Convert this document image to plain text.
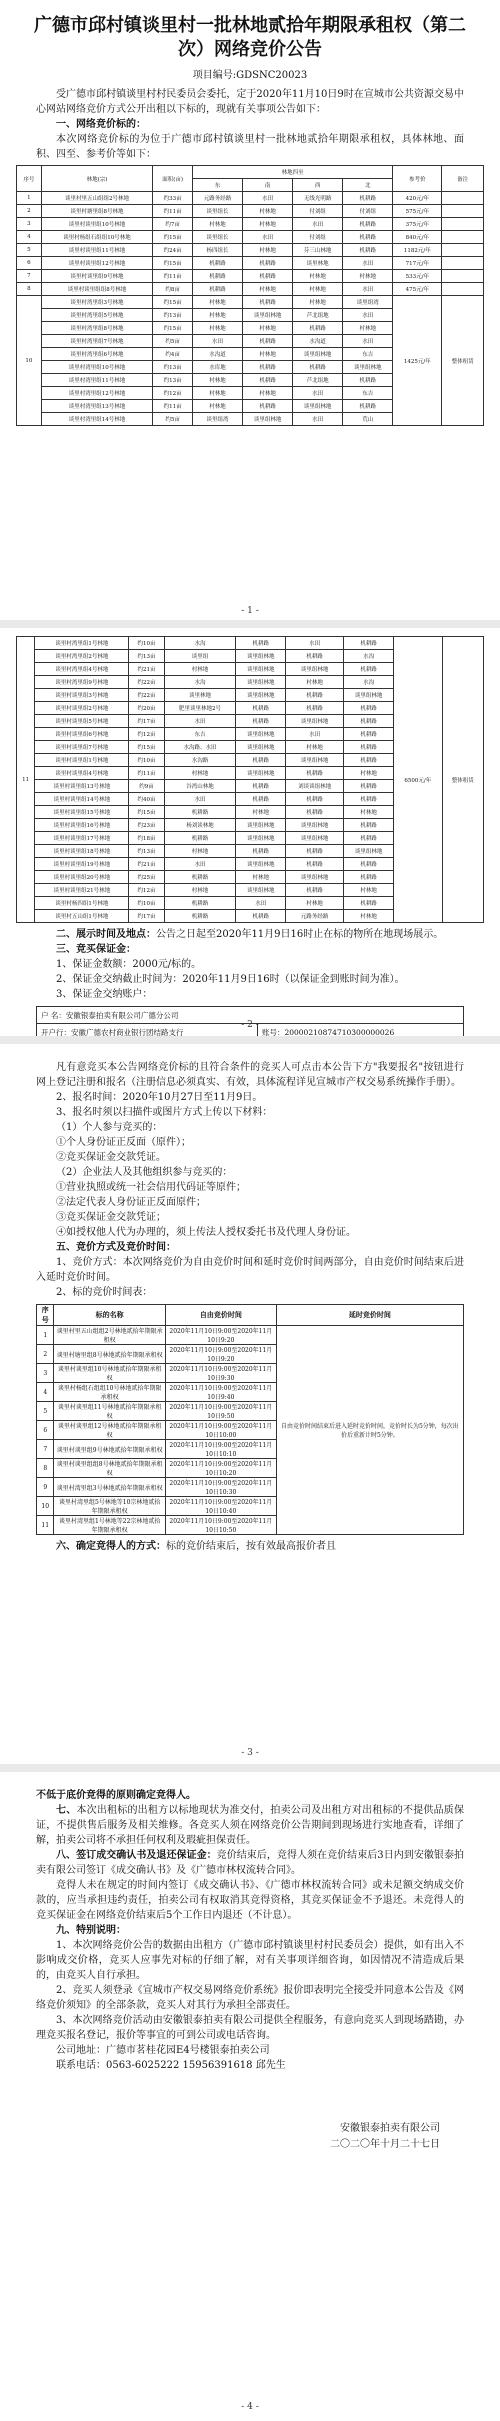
广德市邱村镇谈里村一批林地贰拾年期限承租权（第二次）网络竞价公告
项目编号:GDSNC20023
受广德市邱村镇谈里村村民委员会委托，定于2020年11月10日9时在宣城市公共资源交易中心网站网络竞价方式公开出租以下标的，现就有关事项公告如下：
一、网络竞价标的：
本次网络竞价标的为位于广德市邱村镇谈里村一批林地贰拾年期限承租权，具体林地、面积、四至、参考价等如下：
序号	林地(宗)	面积(亩)	林地四至				参考价	备注
			东	南	西	北		
1	谈里村里五山组组2号林地	约33亩	元路务经路	水田	无线光明路	机耕路	420元/年	
2	谈里村塘里组8号林地	约11亩	谈里组长	村林地	付刘组	付刘组	575元/年	
3	谈里村谈里组10号林地	约7亩	村林地	村林地	水田	机耕路	375元/年	
4	谈里村杨组石组组10号林地	约15亩	谈里组长	水田	付刘组	机耕路	840元/年	
5	谈里村谈里组11号林地	约24亩	杨四组长	村林地	芬三山林地	机耕路	1182元/年	
6	谈里村谈里组12号林地	约15亩	机耕路	机耕路	谈里林地	水田	717元/年	
7	谈里村谈里组9号林地	约11亩	机耕路	机耕路	村林地	村林地	533元/年	
8	谈里村谈里组组8号林地	约8亩	机耕路	村林地	村林地	水田	475元/年	
10	谈里村湾里组3号林地	约15亩	村林地	机耕路	村林地	谈里组湾	1425元/年	整体租赁
	谈里村湾里组5号林地	约13亩	村林地	谈里组林地	芦北组地	水田		
	谈里村湾里组8号林地	约15亩	村林地	村林地	机耕路	村林地		
	谈里村湾里组7号林地	约5亩	水田	机耕路	水沟道	水田		
	谈里村湾里组6号林地	约4亩	水沟道	村林地	谈里组林地	东吉		
	谈里村湾里组10号林地	约13亩	水库地	机耕路	机耕路	谈里组林地		
	谈里村湾里组11号林地	约13亩	村林地	机耕路	芦北组地	机耕路		
	谈里村湾里组12号林地	约12亩	村林地	村林地	水田	东吉		
	谈里村湾里组13号林地	约11亩	村林地	机耕路	谈里组林地	机耕路		
	谈里村湾里组14号林地	约5亩	谈里组湾	谈里组林地	水田	荒山		
- 1 -
11	谈里村湾里组1号林地	约10亩	水沟	机耕路	水田	机耕路	6500元/年	整体租赁
	谈里村湾里组2号林地	约13亩	谈里组	谈里组林地	机耕路	水沟		
	谈里村湾里组4号林地	约21亩	村林地	谈里组林地	谈里组林地	机耕路		
	谈里村湾里组9号林地	约22亩	水沟	谈里组林地	村林地	水沟		
	谈里村谈里组3号林地	约22亩	谈里林地	谈里组林地	机耕路	谈里组林地		
	谈里村谈里组2号林地	约20亩	肥里谈里林地2号	机耕路	机耕路	机耕路		
	谈里村谈里组5号林地	约17亩	水田	机耕路	谈里组林地	机耕路		
	谈里村谈里组6号林地	约12亩	东吉	谈里组林地	水田	机耕路		
	谈里村谈里组7号林地	约15亩	水沟路、水田	谈里组林地	村林地	机耕路		
	谈里村谈里组1号林地	约10亩	水沟路	机耕路	谈里组林地	机耕路		
	谈里村谈里组4号林地	约11亩	村林地	谈里组林地	机耕路	村林地		
	谈里村谈里组13号林地	约9亩	谷湾山林地	机耕路	刘谈谈组林地	机耕路		
	谈里村谈里组14号林地	约40亩	水田	机耕路	机耕路	机耕路		
	谈里村谈里组15号林地	约15亩	机耕路	村林地	机耕路	村林地		
	谈里村谈里组16号林地	约23亩	杨刘谈林地	谈里组林地	谈里组林地	机耕路		
	谈里村谈里组17号林地	约18亩	机耕路	谈里组林地	谈里组林地	机耕路		
	谈里村谈里组18号林地	约13亩	村林地	机耕路	机耕路	谈里组林地		
	谈里村谈里组19号林地	约21亩	水田	谈里组林地	机耕路	机耕路		
	谈里村谈里组20号林地	约25亩	机耕路	村林地	谈里组林地	机耕路		
	谈里村谈里组21号林地	约12亩	村林地	谈里组林地	机耕路	村林地		
	谈里村杨四组1号林地	约10亩	机耕路	水田	村林地	机耕路		
	谈里村五山组1号林地	约17亩	机耕路	机耕路	元路务经路	村林地		
二、展示时间及地点：公告之日起至2020年11月9日16时止在标的物所在地现场展示。
三、竞买保证金：
1、保证金数额：2000元/标的。
2、保证金交纳截止时间为：2020年11月9日16时（以保证金到账时间为准）。
3、保证金交纳账户：
户 名：安徽银泰拍卖有限公司广德分公司
开户行：安徽广德农村商业银行团结路支行	账号：20000210874710300000026
- 2 -
凡有意竞买本公告网络竞价标的且符合条件的竞买人可点击本公告下方"我要报名"按钮进行网上登记注册和报名（注册信息必须真实、有效，具体流程详见宣城市产权交易系统操作手册）。
2、报名时间：2020年10月27日至11月9日。
3、报名时须以扫描件或图片方式上传以下材料：
（1）个人参与竞买的：
①个人身份证正反面（原件）；
②竞买保证金交款凭证。
（2）企业法人及其他组织参与竞买的：
①营业执照或统一社会信用代码证等原件；
②法定代表人身份证正反面原件；
③竞买保证金交款凭证；
④如授权他人代为办理的，须上传法人授权委托书及代理人身份证。
五、竞价方式及竞价时间：
1、竞价方式：本次网络竞价为自由竞价时间和延时竞价时间两部分，自由竞价时间结束后进入延时竞价时间。
2、标的竞价时间表：
序号	标的名称	自由竞价时间	延时竞价时间
1	谈里村里五山组组2号林地贰拾年期限承租权	2020年11月10日9:00至2020年11月10日9:20	自由竞价时间结束后进入延时竞价时间，竞价时长为5分钟，每次出价后重新计时5分钟。
2	谈里村塘里组8号林地贰拾年期限承租权	2020年11月10日9:00至2020年11月10日9:20	
3	谈里村谈里组10号林地贰拾年期限承租权	2020年11月10日9:00至2020年11月10日9:30	
4	谈里村杨组石组组10号林地贰拾年期限承租权	2020年11月10日9:00至2020年11月10日9:40	
5	谈里村谈里组11号林地贰拾年期限承租权	2020年11月10日9:00至2020年11月10日9:50	
6	谈里村谈里组12号林地贰拾年期限承租权	2020年11月10日9:00至2020年11月10日10:00	
7	谈里村谈里组9号林地贰拾年期限承租权	2020年11月10日9:00至2020年11月10日10:10	
8	谈里村谈里组组8号林地贰拾年期限承租权	2020年11月10日9:00至2020年11月10日10:20	
9	谈里村湾里组3号林地贰拾年期限承租权	2020年11月10日9:00至2020年11月10日10:30	
10	谈里村湾里组5号林地等10宗林地贰拾年期限承租权	2020年11月10日9:00至2020年11月10日10:40	
11	谈里村湾里组1号林地等22宗林地贰拾年期限承租权	2020年11月10日9:00至2020年11月10日10:50	
六、确定竞得人的方式：标的竞价结束后，按有效最高报价者且
- 3 -
不低于底价竞得的原则确定竞得人。
七、本次出租标的出租方以标地现状为准交付，拍卖公司及出租方对出租标的不提供品质保证，不提供售后服务及相关维修。各竞买人须在网络竞价公告期间到现场进行实地查看，详细了解，拍卖公司将不承担任何权利及瑕疵担保责任。
八、签订成交确认书及退还保证金：竞价结束后，竞得人须在竞价结束后3日内到安徽银泰拍卖有限公司签订《成交确认书》及《广德市林权流转合同》。
竞得人未在规定的时间内签订《成交确认书》、《广德市林权流转合同》或未足额交纳成交价款的，应当承担违约责任，拍卖公司有权取消其竞得资格，其竞买保证金不予退还。未竞得人的竞买保证金在网络竞价结束后5个工作日内退还（不计息）。
九、特别说明：
1、本次网络竞价公告的数据由出租方（广德市邱村镇谈里村村民委员会）提供，如有出入不影响成交价格，竞买人应事先对标的仔细了解，对有关事项详细咨询，如因情况不清造成后果的，由竞买人自行承担。
2、竞买人须登录《宣城市产权交易网络竞价系统》报价即表明完全接受并同意本公告及《网络竞价须知》的全部条款，竞买人对其行为承担全部责任。
3、本次网络竞价活动由安徽银泰拍卖有限公司提供全程服务，有意向竞买人到现场踏勘，办理竞买报名登记，报价等事宜的可到公司或电话咨询。
公司地址：广德市茗桂花园E4号楼银泰拍卖公司
联系电话：0563-6025222 15956391618 邱先生
安徽银泰拍卖有限公司
二〇二〇年十月二十七日
- 4 -
